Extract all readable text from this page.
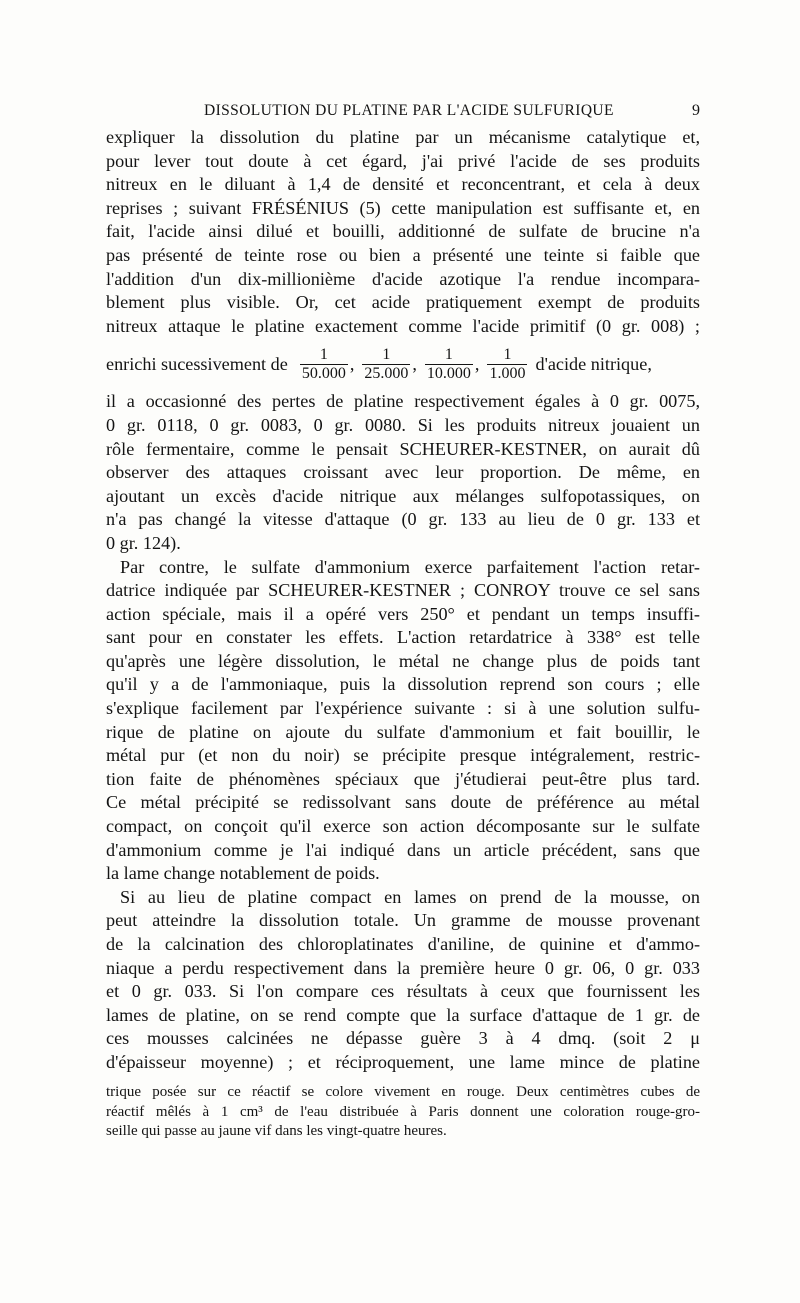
DISSOLUTION DU PLATINE PAR L'ACIDE SULFURIQUE	9
expliquer la dissolution du platine par un mécanisme catalytique et,
pour lever tout doute à cet égard, j'ai privé l'acide de ses produits
nitreux en le diluant à 1,4 de densité et reconcentrant, et cela à deux
reprises ; suivant FRÉSÉNIUS (5) cette manipulation est suffisante et, en
fait, l'acide ainsi dilué et bouilli, additionné de sulfate de brucine n'a
pas présenté de teinte rose ou bien a présenté une teinte si faible que
l'addition d'un dix-millionième d'acide azotique l'a rendue incompara-
blement plus visible. Or, cet acide pratiquement exempt de produits
nitreux attaque le platine exactement comme l'acide primitif (0 gr. 008) ;
enrichi sucessivement de $\frac{1}{50.000}$ , $\frac{1}{25.000}$ , $\frac{1}{10.000}$ , $\frac{1}{1.000}$ d'acide nitrique,
il a occasionné des pertes de platine respectivement égales à 0 gr. 0075,
0 gr. 0118, 0 gr. 0083, 0 gr. 0080. Si les produits nitreux jouaient un
rôle fermentaire, comme le pensait SCHEURER-KESTNER, on aurait dû
observer des attaques croissant avec leur proportion. De même, en
ajoutant un excès d'acide nitrique aux mélanges sulfopotassiques, on
n'a pas changé la vitesse d'attaque (0 gr. 133 au lieu de 0 gr. 133 et
0 gr. 124).
Par contre, le sulfate d'ammonium exerce parfaitement l'action retar-
datrice indiquée par SCHEURER-KESTNER ; CONROY trouve ce sel sans
action spéciale, mais il a opéré vers 250° et pendant un temps insuffi-
sant pour en constater les effets. L'action retardatrice à 338° est telle
qu'après une légère dissolution, le métal ne change plus de poids tant
qu'il y a de l'ammoniaque, puis la dissolution reprend son cours ; elle
s'explique facilement par l'expérience suivante : si à une solution sulfu-
rique de platine on ajoute du sulfate d'ammonium et fait bouillir, le
métal pur (et non du noir) se précipite presque intégralement, restric-
tion faite de phénomènes spéciaux que j'étudierai peut-être plus tard.
Ce métal précipité se redissolvant sans doute de préférence au métal
compact, on conçoit qu'il exerce son action décomposante sur le sulfate
d'ammonium comme je l'ai indiqué dans un article précédent, sans que
la lame change notablement de poids.
Si au lieu de platine compact en lames on prend de la mousse, on
peut atteindre la dissolution totale. Un gramme de mousse provenant
de la calcination des chloroplatinates d'aniline, de quinine et d'ammo-
niaque a perdu respectivement dans la première heure 0 gr. 06, 0 gr. 033
et 0 gr. 033. Si l'on compare ces résultats à ceux que fournissent les
lames de platine, on se rend compte que la surface d'attaque de 1 gr. de
ces mousses calcinées ne dépasse guère 3 à 4 dmq. (soit 2 μ
d'épaisseur moyenne) ; et réciproquement, une lame mince de platine
trique posée sur ce réactif se colore vivement en rouge. Deux centimètres cubes de
réactif mêlés à 1 cm³ de l'eau distribuée à Paris donnent une coloration rouge-gro-
seille qui passe au jaune vif dans les vingt-quatre heures.
